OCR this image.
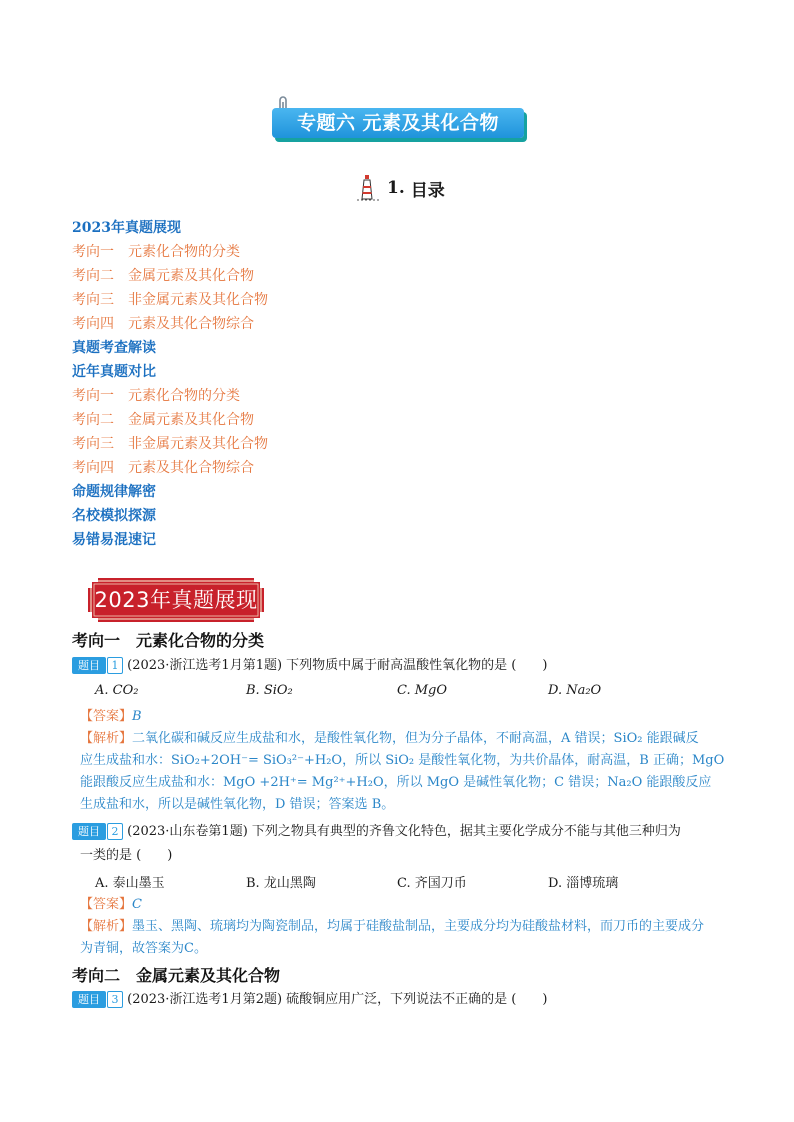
专题六 元素及其化合物
1. 目录
2023年真题展现
考向一　元素化合物的分类
考向二　金属元素及其化合物
考向三　非金属元素及其化合物
考向四　元素及其化合物综合
真题考查解读
近年真题对比
考向一　元素化合物的分类
考向二　金属元素及其化合物
考向三　非金属元素及其化合物
考向四　元素及其化合物综合
命题规律解密
名校模拟探源
易错易混速记
2023年真题展现
考向一　元素化合物的分类
题目 1 (2023·浙江选考1月第1题) 下列物质中属于耐高温酸性氧化物的是 (　　)
A. CO₂	B. SiO₂	C. MgO	D. Na₂O
【答案】B
【解析】二氧化碳和碱反应生成盐和水，是酸性氧化物，但为分子晶体，不耐高温，A 错误；SiO₂ 能跟碱反
应生成盐和水：SiO₂+2OH⁻= SiO₃²⁻+H₂O，所以 SiO₂ 是酸性氧化物，为共价晶体，耐高温，B 正确；MgO
能跟酸反应生成盐和水：MgO +2H⁺= Mg²⁺+H₂O，所以 MgO 是碱性氧化物；C 错误；Na₂O 能跟酸反应
生成盐和水，所以是碱性氧化物，D 错误；答案选 B。
题目 2 (2023·山东卷第1题) 下列之物具有典型的齐鲁文化特色，据其主要化学成分不能与其他三种归为
一类的是 (　　)
A. 泰山墨玉	B. 龙山黑陶	C. 齐国刀币	D. 淄博琉璃
【答案】C
【解析】墨玉、黑陶、琉璃均为陶瓷制品，均属于硅酸盐制品，主要成分均为硅酸盐材料，而刀币的主要成分
为青铜，故答案为C。
考向二　金属元素及其化合物
题目 3 (2023·浙江选考1月第2题) 硫酸铜应用广泛，下列说法不正确的是 (　　)
